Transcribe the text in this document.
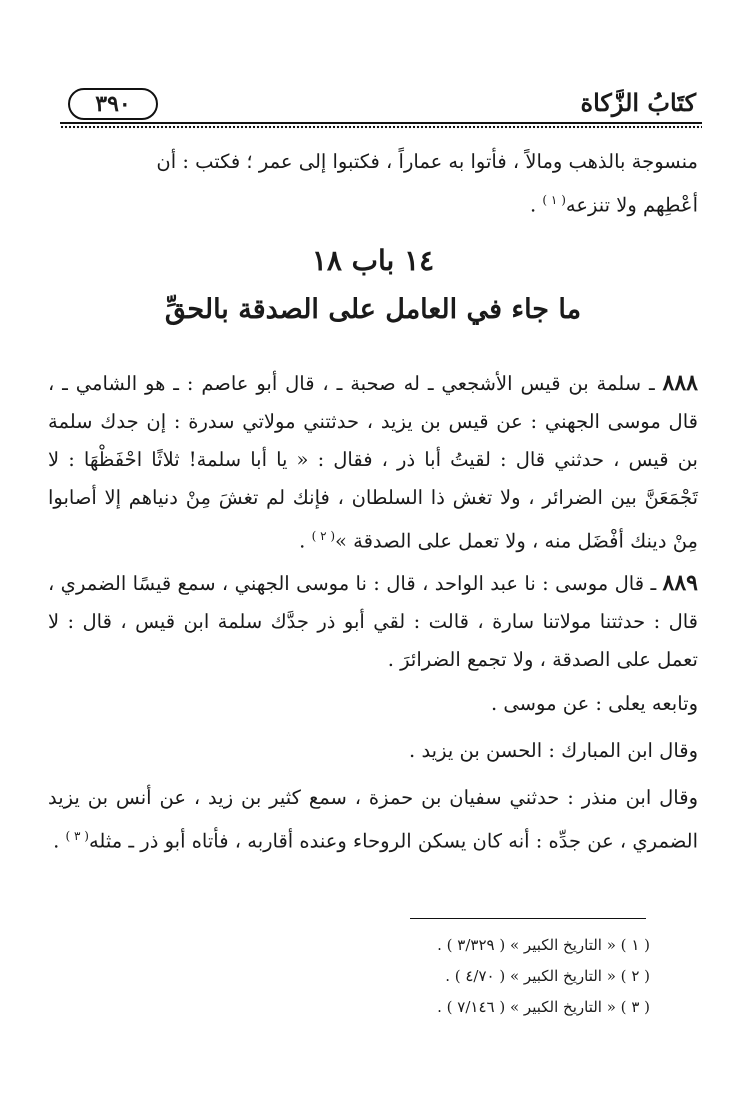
٣٩٠	كتَابُ الزَّكاة

منسوجة بالذهب ومالاً ، فأتوا به عماراً ، فكتبوا إلى عمر ؛ فكتب : أن

أعْطِهم ولا تنزعه$^{( ١ )}$ .

١٤ باب ١٨
ما جاء في العامل على الصدقة بالحقِّ

٨٨٨ ـ سلمة بن قيس الأشجعي ـ له صحبة ـ ، قال أبو عاصم : ـ هو الشامي ـ ، قال موسى الجهني : عن قيس بن يزيد ، حدثتني مولاتي سدرة : إن جدك سلمة بن قيس ، حدثني قال : لقيتُ أبا ذر ، فقال : « يا أبا سلمة! ثلاثًا احْفَظْهَا : لا تَجْمَعَنَّ بين الضرائر ، ولا تغش ذا السلطان ، فإنك لم تغشَ مِنْ دنياهم إلا أصابوا مِنْ دينك أفْضَل منه ، ولا تعمل على الصدقة »$^{( ٢ )}$ .

٨٨٩ ـ قال موسى : نا عبد الواحد ، قال : نا موسى الجهني ، سمع قيسًا الضمري ، قال : حدثتنا مولاتنا سارة ، قالت : لقي أبو ذر جدَّك سلمة ابن قيس ، قال : لا تعمل على الصدقة ، ولا تجمع الضرائرَ .

وتابعه يعلى : عن موسى .

وقال ابن المبارك : الحسن بن يزيد .

وقال ابن منذر : حدثني سفيان بن حمزة ، سمع كثير بن زيد ، عن أنس بن يزيد الضمري ، عن جدِّه : أنه كان يسكن الروحاء وعنده أقاربه ، فأتاه أبو ذر ـ مثله$^{( ٣ )}$ .

( ١ ) « التاريخ الكبير » ( ٣/٣٢٩ ) .
( ٢ ) « التاريخ الكبير » ( ٤/٧٠ ) .
( ٣ ) « التاريخ الكبير » ( ٧/١٤٦ ) .
